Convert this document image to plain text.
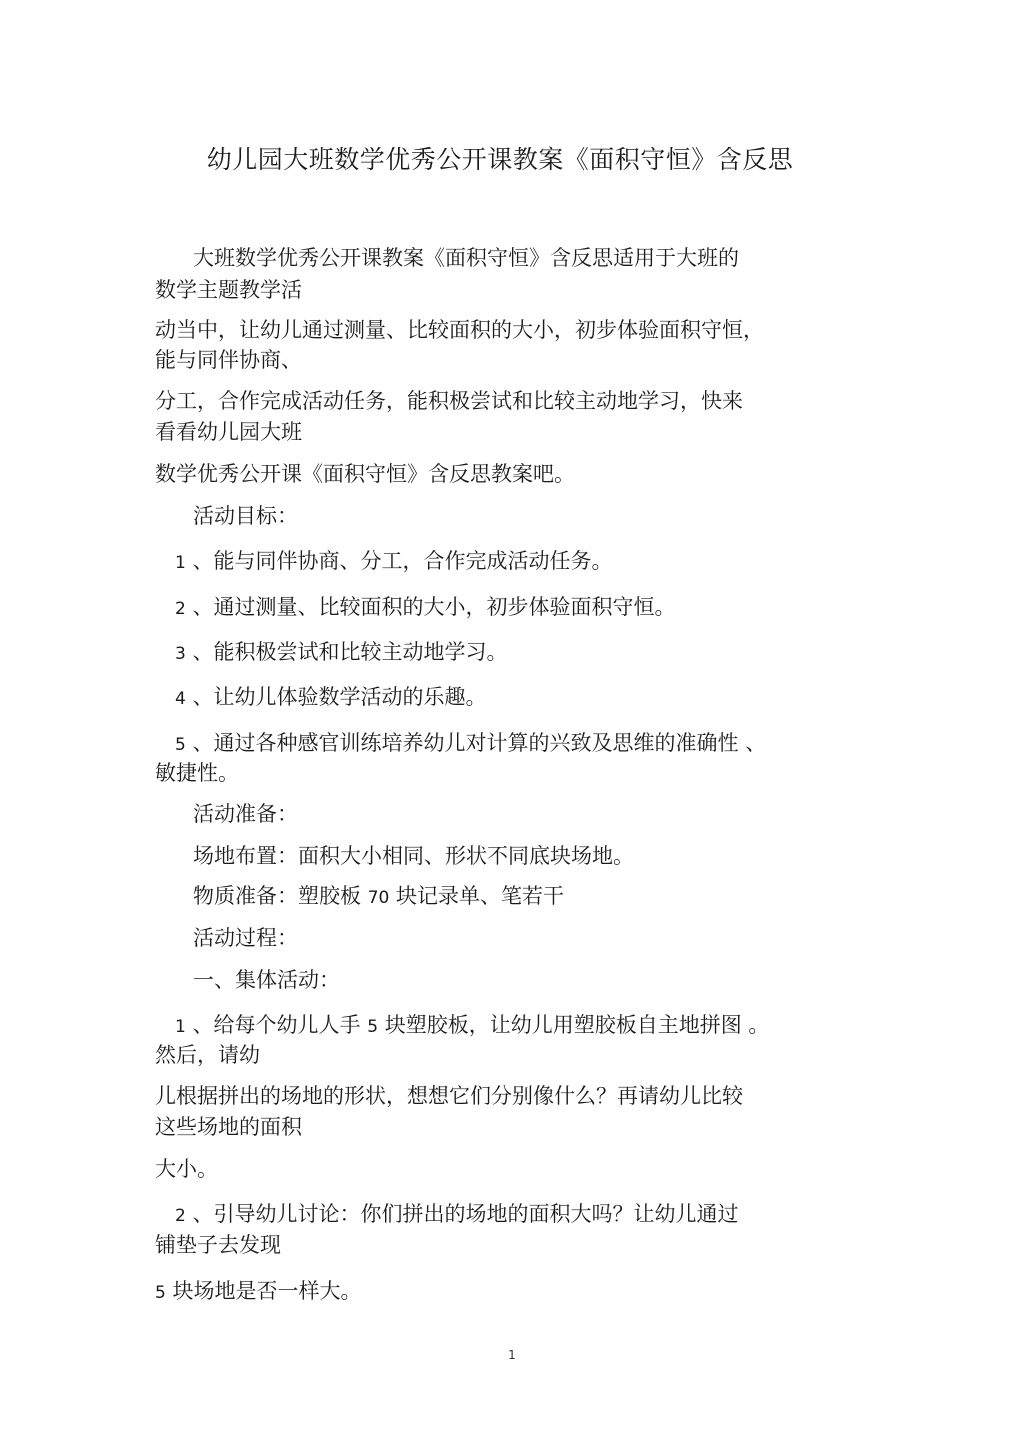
幼儿园大班数学优秀公开课教案《面积守恒》含反思
大班数学优秀公开课教案《面积守恒》含反思适用于大班的
数学主题教学活
动当中，让幼儿通过测量、比较面积的大小，初步体验面积守恒，
能与同伴协商、
分工，合作完成活动任务，能积极尝试和比较主动地学习，快来
看看幼儿园大班
数学优秀公开课《面积守恒》含反思教案吧。
活动目标：
1 、能与同伴协商、分工，合作完成活动任务。
2 、通过测量、比较面积的大小，初步体验面积守恒。
3 、能积极尝试和比较主动地学习。
4 、让幼儿体验数学活动的乐趣。
5 、通过各种感官训练培养幼儿对计算的兴致及思维的准确性 、
敏捷性。
活动准备：
场地布置：面积大小相同、形状不同底块场地。
物质准备：塑胶板 70 块记录单、笔若干
活动过程：
一、集体活动：
1 、给每个幼儿人手 5 块塑胶板，让幼儿用塑胶板自主地拼图 。
然后，请幼
儿根据拼出的场地的形状，想想它们分别像什么？再请幼儿比较
这些场地的面积
大小。
2 、引导幼儿讨论：你们拼出的场地的面积大吗？让幼儿通过
铺垫子去发现
5 块场地是否一样大。
1
